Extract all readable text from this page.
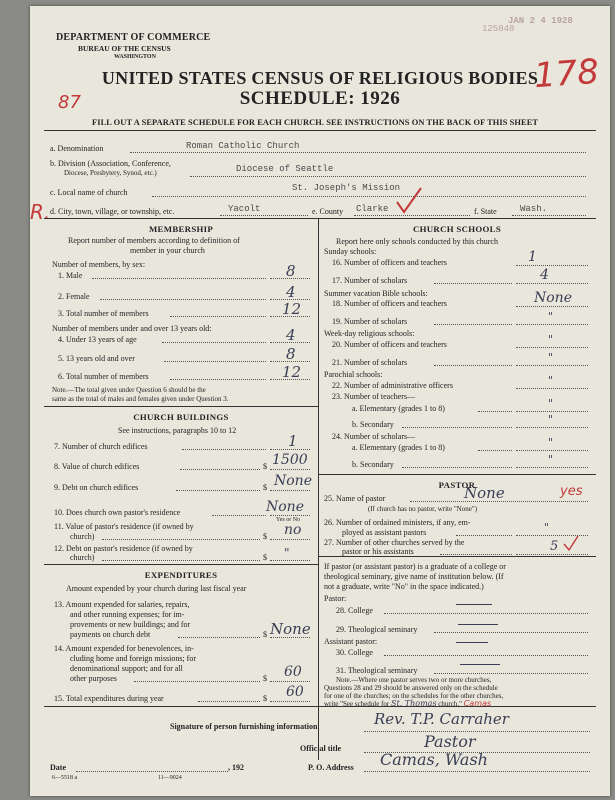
125848
JAN 2 4 1928
178
87
R.
DEPARTMENT OF COMMERCE
BUREAU OF THE CENSUS
WASHINGTON
UNITED STATES CENSUS OF RELIGIOUS BODIES
SCHEDULE: 1926
FILL OUT A SEPARATE SCHEDULE FOR EACH CHURCH. SEE INSTRUCTIONS ON THE BACK OF THIS SHEET
a. Denomination	Roman Catholic Church
b. Division (Association, Conference,
Diocese, Presbytery, Synod, etc.)	Diocese of Seattle
c. Local name of church	St. Joseph's Mission
d. City, town, village, or township, etc.	Yacolt	e. County Clarke	f. State	Wash.
MEMBERSHIP
Report number of members according to definition of
member in your church
Number of members, by sex:
1. Male	8
2. Female	4
3. Total number of members	12
Number of members under and over 13 years old:
4. Under 13 years of age	4
5. 13 years old and over	8
6. Total number of members	12
Note.—The total given under Question 6 should be the
same as the total of males and females given under Question 3.
CHURCH BUILDINGS
See instructions, paragraphs 10 to 12
7. Number of church edifices	1
8. Value of church edifices	$ 1500
9. Debt on church edifices	$ None
10. Does church own pastor's residence	None
Yes or No
11. Value of pastor's residence (if owned by
church)	$ no
12. Debt on pastor's residence (if owned by
church)	$ "
EXPENDITURES
Amount expended by your church during last fiscal year
13. Amount expended for salaries, repairs,
and other running expenses; for im-
provements or new buildings; and for
payments on church debt	$ None
14. Amount expended for benevolences, in-
cluding home and foreign missions; for
denominational support; and for all
other purposes	$ 60
15. Total expenditures during year	$ 60
CHURCH SCHOOLS
Report here only schools conducted by this church
Sunday schools:
16. Number of officers and teachers	1
17. Number of scholars	4
Summer vacation Bible schools:
18. Number of officers and teachers	None
19. Number of scholars	"
Week-day religious schools:
20. Number of officers and teachers	"
21. Number of scholars	"
Parochial schools:
22. Number of administrative officers	"
23. Number of teachers—
a. Elementary (grades 1 to 8)	"
b. Secondary	"
24. Number of scholars—
a. Elementary (grades 1 to 8)	"
b. Secondary	"
PASTOR
25. Name of pastor	None	yes
(If church has no pastor, write "None")
26. Number of ordained ministers, if any, em-
ployed as assistant pastors	"
27. Number of other churches served by the
pastor or his assistants	5
If pastor (or assistant pastor) is a graduate of a college or
theological seminary, give name of institution below. (If
not a graduate, write "No" in the space indicated.)
Pastor:
28. College
29. Theological seminary
Assistant pastor:
30. College
31. Theological seminary
Note.—Where one pastor serves two or more churches,
Questions 28 and 29 should be answered only on the schedule
for one of the churches; on the schedules for the other churches,
write "See schedule for St. Thomas church." Camas
Signature of person furnishing information	Rev. T.P. Carraher
Official title	Pastor
Date	, 192	P. O. Address Camas, Wash
6—5518 a	11—9024
